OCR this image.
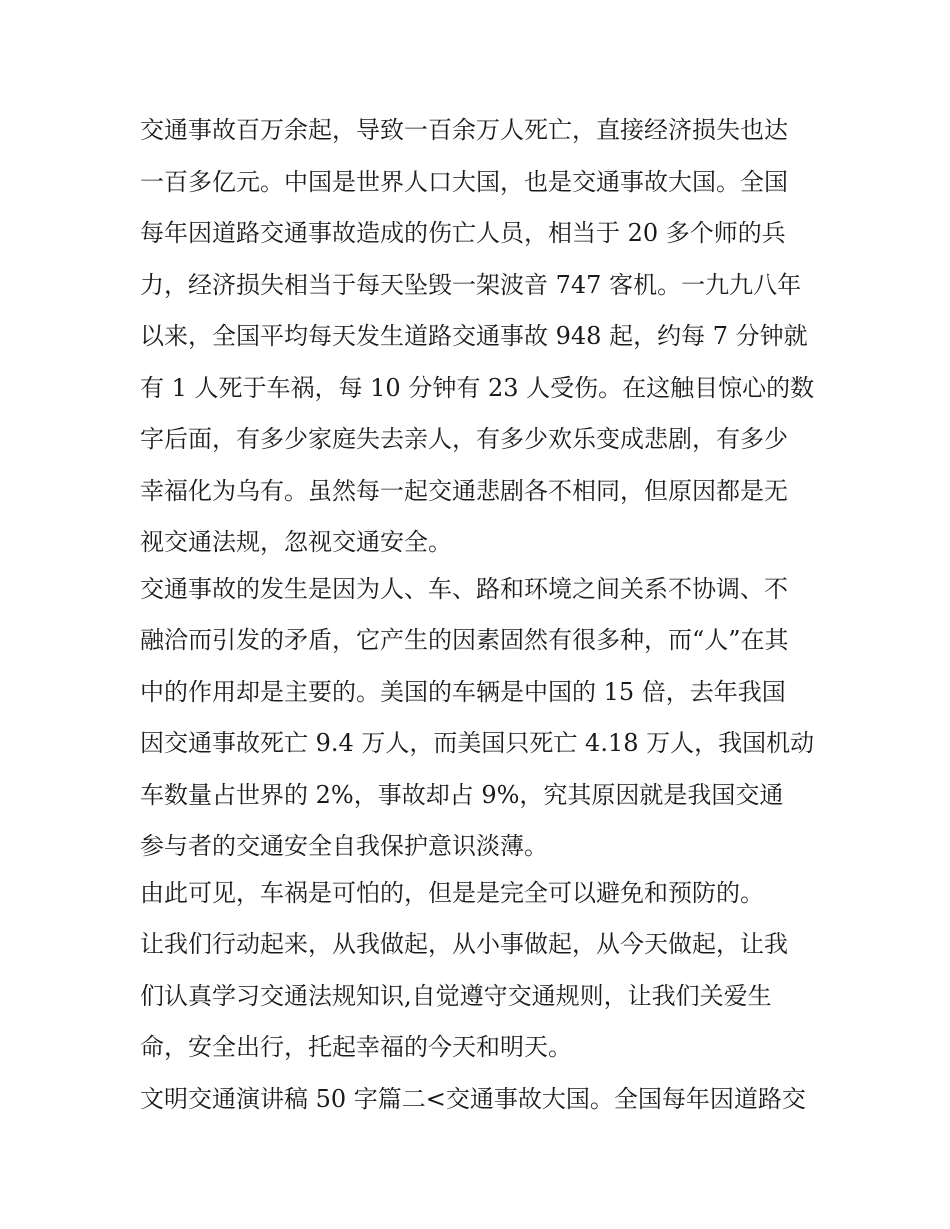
交通事故百万余起，导致一百余万人死亡，直接经济损失也达
一百多亿元。中国是世界人口大国，也是交通事故大国。全国
每年因道路交通事故造成的伤亡人员，相当于 20 多个师的兵
力，经济损失相当于每天坠毁一架波音 747 客机。一九九八年
以来，全国平均每天发生道路交通事故 948 起，约每 7 分钟就
有 1 人死于车祸，每 10 分钟有 23 人受伤。在这触目惊心的数
字后面，有多少家庭失去亲人，有多少欢乐变成悲剧，有多少
幸福化为乌有。虽然每一起交通悲剧各不相同，但原因都是无
视交通法规，忽视交通安全。
交通事故的发生是因为人、车、路和环境之间关系不协调、不
融洽而引发的矛盾，它产生的因素固然有很多种，而“人”在其
中的作用却是主要的。美国的车辆是中国的 15 倍，去年我国
因交通事故死亡 9.4 万人，而美国只死亡 4.18 万人，我国机动
车数量占世界的 2%，事故却占 9%，究其原因就是我国交通
参与者的交通安全自我保护意识淡薄。
由此可见，车祸是可怕的，但是是完全可以避免和预防的。
让我们行动起来，从我做起，从小事做起，从今天做起，让我
们认真学习交通法规知识,自觉遵守交通规则，让我们关爱生
命，安全出行，托起幸福的今天和明天。
文明交通演讲稿 50 字篇二<交通事故大国。全国每年因道路交
